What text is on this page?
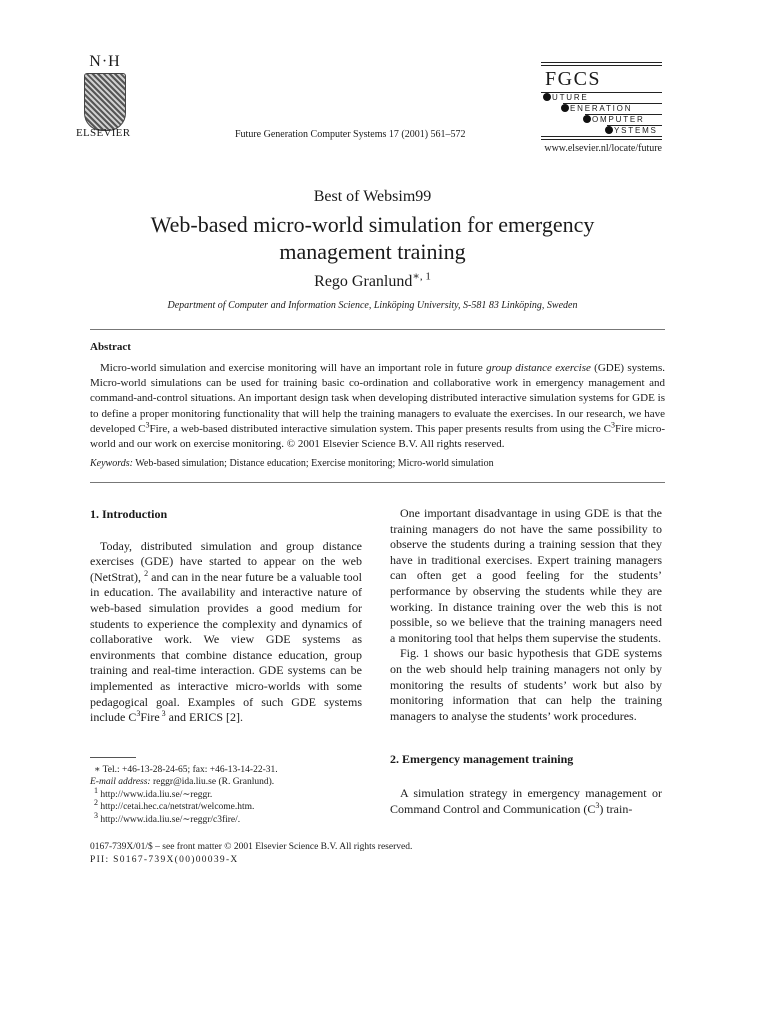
N·H
ELSEVIER	Future Generation Computer Systems 17 (2001) 561–572
FGCS
UTURE
ENERATION
OMPUTER
YSTEMS
www.elsevier.nl/locate/future
Best of Websim99
Web-based micro-world simulation for emergency
management training
Rego Granlund$^{∗, 1}$
Department of Computer and Information Science, Linköping University, S-581 83 Linköping, Sweden
Abstract
Micro-world simulation and exercise monitoring will have an important role in future group distance exercise (GDE) systems. Micro-world simulations can be used for training basic co-ordination and collaborative work in emergency management and command-and-control situations. An important design task when developing distributed interactive simulation systems for GDE is to define a proper monitoring functionality that will help the training managers to evaluate the exercises. In our research, we have developed $C^3Fire$, a web-based distributed interactive simulation system. This paper presents results from using the $C^3Fire$ micro-world and our work on exercise monitoring. © 2001 Elsevier Science B.V. All rights reserved.
Keywords: Web-based simulation; Distance education; Exercise monitoring; Micro-world simulation
1. Introduction
Today, distributed simulation and group distance exercises (GDE) have started to appear on the web (NetStrat), $^2$ and can in the near future be a valuable tool in education. The availability and interactive nature of web-based simulation provides a good medium for students to experience the complexity and dynamics of collaborative work. We view GDE systems as environments that combine distance education, group training and real-time interaction. GDE systems can be implemented as interactive micro-worlds with some pedagogical goal. Examples of such GDE systems include $C^3Fire$ $^3$ and ERICS [2].
∗ Tel.: +46-13-28-24-65; fax: +46-13-14-22-31.
E-mail address: reggr@ida.liu.se (R. Granlund).
$^1$ http://www.ida.liu.se/∼reggr.
$^2$ http://cetai.hec.ca/netstrat/welcome.htm.
$^3$ http://www.ida.liu.se/∼reggr/c3fire/.
One important disadvantage in using GDE is that the training managers do not have the same possibility to observe the students during a training session that they have in traditional exercises. Expert training managers can often get a good feeling for the students’ performance by observing the students while they are working. In distance training over the web this is not possible, so we believe that the training managers need a monitoring tool that helps them supervise the students.
Fig. 1 shows our basic hypothesis that GDE systems on the web should help training managers not only by monitoring the results of students’ work but also by monitoring information that can help the training managers to analyse the students’ work procedures.
2. Emergency management training
A simulation strategy in emergency management or Command Control and Communication $(C^3)$ train-
0167-739X/01/$ – see front matter © 2001 Elsevier Science B.V. All rights reserved.
PII: S0167-739X(00)00039-X
